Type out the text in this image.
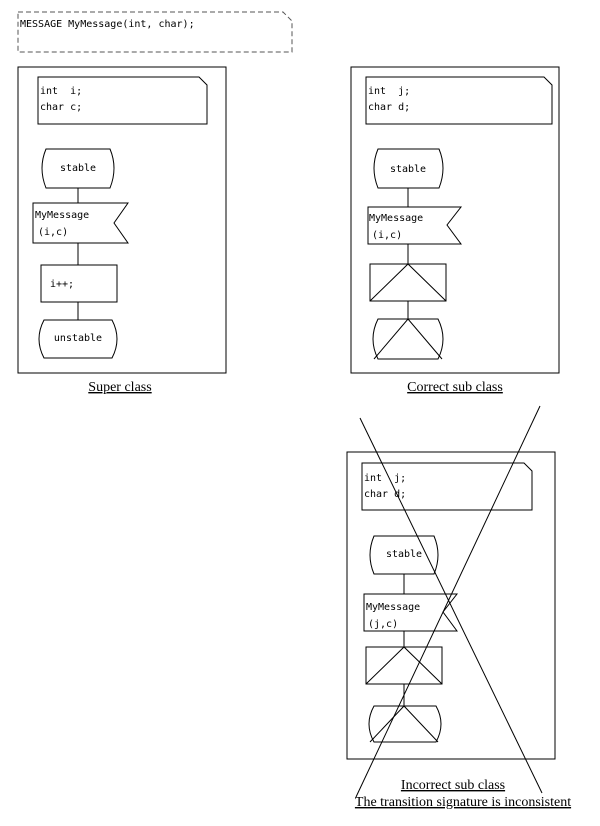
MESSAGE MyMessage(int, char);
int  i;
char c;
stable
MyMessage
(i,c)
i++;
unstable
Super class
int  j;
char d;
stable
MyMessage
(i,c)
Correct sub class
int  j;
char d;
stable
MyMessage
(j,c)
Incorrect sub class
The transition signature is inconsistent
